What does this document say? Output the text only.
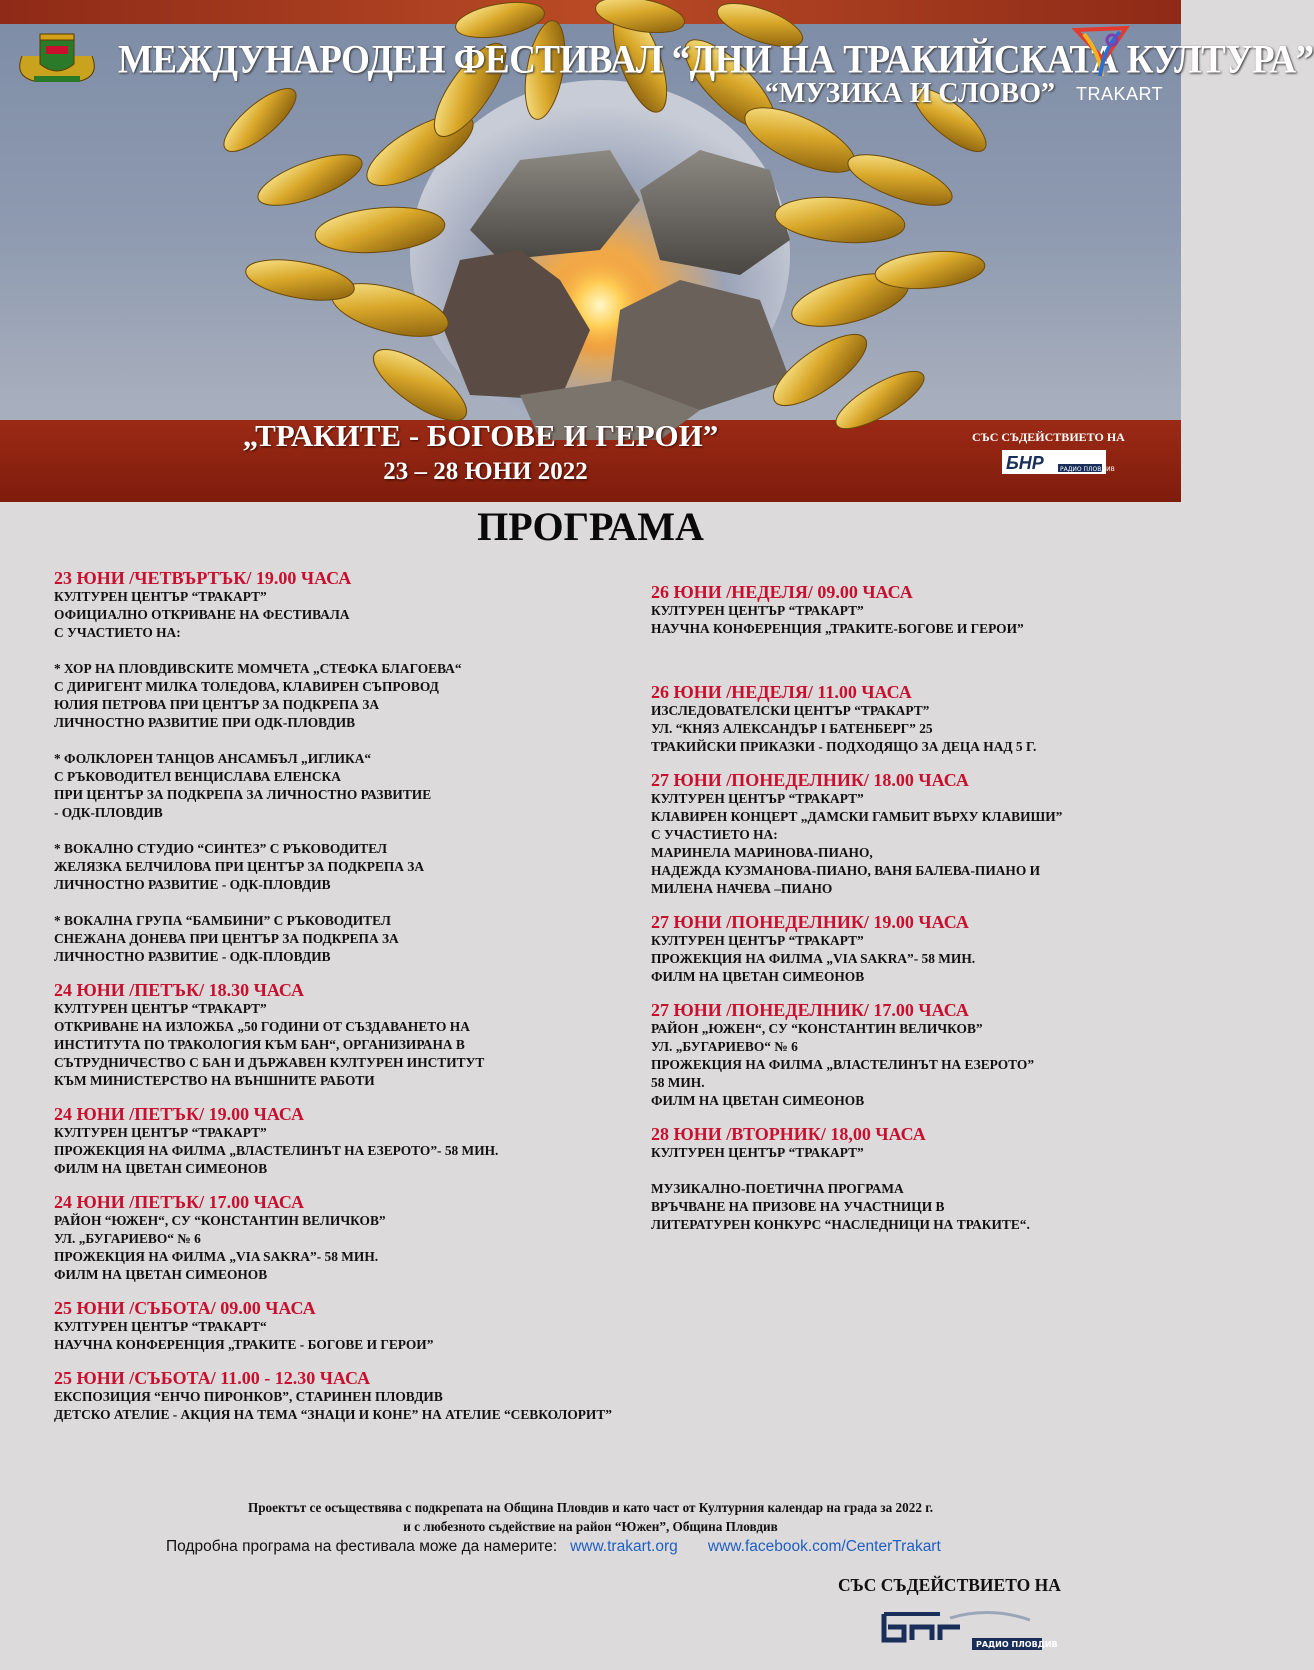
МЕЖДУНАРОДЕН ФЕСТИВАЛ “ДНИ НА ТРАКИЙСКАТА КУЛТУРА”
“МУЗИКА И СЛОВО” TRAKART
„ТРАКИТЕ - БОГОВЕ И ГЕРОИ”
23 – 28 ЮНИ 2022
СЪС СЪДЕЙСТВИЕТО НА
БНР	РАДИО ПЛОВДИВ
ПРОГРАМА
23 ЮНИ /ЧЕТВЪРТЪК/ 19.00 ЧАСА
КУЛТУРЕН ЦЕНТЪР “ТРАКАРТ”
ОФИЦИАЛНО ОТКРИВАНЕ НА ФЕСТИВАЛА
С УЧАСТИЕТО НА:
* ХОР НА ПЛОВДИВСКИТЕ МОМЧЕТА „СТЕФКА БЛАГОЕВА“
С ДИРИГЕНТ МИЛКА ТОЛЕДОВА, КЛАВИРЕН СЪПРОВОД
ЮЛИЯ ПЕТРОВА ПРИ ЦЕНТЪР ЗА ПОДКРЕПА ЗА
ЛИЧНОСТНО РАЗВИТИЕ ПРИ ОДК-ПЛОВДИВ
* ФОЛКЛОРЕН ТАНЦОВ АНСАМБЪЛ „ИГЛИКА“
С РЪКОВОДИТЕЛ ВЕНЦИСЛАВА ЕЛЕНСКА
ПРИ ЦЕНТЪР ЗА ПОДКРЕПА ЗА ЛИЧНОСТНО РАЗВИТИЕ
- ОДК-ПЛОВДИВ
* ВОКАЛНО СТУДИО “СИНТЕЗ” С РЪКОВОДИТЕЛ
ЖЕЛЯЗКА БЕЛЧИЛОВА ПРИ ЦЕНТЪР ЗА ПОДКРЕПА ЗА
ЛИЧНОСТНО РАЗВИТИЕ - ОДК-ПЛОВДИВ
* ВОКАЛНА ГРУПА “БАМБИНИ” С РЪКОВОДИТЕЛ
СНЕЖАНА ДОНЕВА ПРИ ЦЕНТЪР ЗА ПОДКРЕПА ЗА
ЛИЧНОСТНО РАЗВИТИЕ - ОДК-ПЛОВДИВ
24 ЮНИ /ПЕТЪК/ 18.30 ЧАСА
КУЛТУРЕН ЦЕНТЪР “ТРАКАРТ”
ОТКРИВАНЕ НА ИЗЛОЖБА „50 ГОДИНИ ОТ СЪЗДАВАНЕТО НА
ИНСТИТУТА ПО ТРАКОЛОГИЯ КЪМ БАН“, ОРГАНИЗИРАНА В
СЪТРУДНИЧЕСТВО С БАН И ДЪРЖАВЕН КУЛТУРЕН ИНСТИТУТ
КЪМ МИНИСТЕРСТВО НА ВЪНШНИТЕ РАБОТИ
24 ЮНИ /ПЕТЪК/ 19.00 ЧАСА
КУЛТУРЕН ЦЕНТЪР “ТРАКАРТ”
ПРОЖЕКЦИЯ НА ФИЛМА „ВЛАСТЕЛИНЪТ НА ЕЗЕРОТО”- 58 МИН.
ФИЛМ НА ЦВЕТАН СИМЕОНОВ
24 ЮНИ /ПЕТЪК/ 17.00 ЧАСА
РАЙОН “ЮЖЕН“, СУ “КОНСТАНТИН ВЕЛИЧКОВ”
УЛ. „БУГАРИЕВО“ № 6
ПРОЖЕКЦИЯ НА ФИЛМА „VIA SAKRA”- 58 МИН.
ФИЛМ НА ЦВЕТАН СИМЕОНОВ
25 ЮНИ /СЪБОТА/ 09.00 ЧАСА
КУЛТУРЕН ЦЕНТЪР “ТРАКАРТ“
НАУЧНА КОНФЕРЕНЦИЯ „ТРАКИТЕ - БОГОВЕ И ГЕРОИ”
25 ЮНИ /СЪБОТА/ 11.00 - 12.30 ЧАСА
ЕКСПОЗИЦИЯ “ЕНЧО ПИРОНКОВ”, СТАРИНЕН ПЛОВДИВ
ДЕТСКО АТЕЛИЕ - АКЦИЯ НА ТЕМА “ЗНАЦИ И КОНЕ” НА АТЕЛИЕ “СЕВКОЛОРИТ”
26 ЮНИ /НЕДЕЛЯ/ 09.00 ЧАСА
КУЛТУРЕН ЦЕНТЪР “ТРАКАРТ”
НАУЧНА КОНФЕРЕНЦИЯ „ТРАКИТЕ-БОГОВЕ И ГЕРОИ”
26 ЮНИ /НЕДЕЛЯ/ 11.00 ЧАСА
ИЗСЛЕДОВАТЕЛСКИ ЦЕНТЪР “ТРАКАРТ”
УЛ. “КНЯЗ АЛЕКСАНДЪР I БАТЕНБЕРГ” 25
ТРАКИЙСКИ ПРИКАЗКИ - ПОДХОДЯЩО ЗА ДЕЦА НАД 5 Г.
27 ЮНИ /ПОНЕДЕЛНИК/ 18.00 ЧАСА
КУЛТУРЕН ЦЕНТЪР “ТРАКАРТ”
КЛАВИРЕН КОНЦЕРТ „ДАМСКИ ГАМБИТ ВЪРХУ КЛАВИШИ”
С УЧАСТИЕТО НА:
МАРИНЕЛА МАРИНОВА-ПИАНО,
НАДЕЖДА КУЗМАНОВА-ПИАНО, ВАНЯ БАЛЕВА-ПИАНО И
МИЛЕНА НАЧЕВА –ПИАНО
27 ЮНИ /ПОНЕДЕЛНИК/ 19.00 ЧАСА
КУЛТУРЕН ЦЕНТЪР “ТРАКАРТ”
ПРОЖЕКЦИЯ НА ФИЛМА „VIA SAKRA”- 58 МИН.
ФИЛМ НА ЦВЕТАН СИМЕОНОВ
27 ЮНИ /ПОНЕДЕЛНИК/ 17.00 ЧАСА
РАЙОН „ЮЖЕН“, СУ “КОНСТАНТИН ВЕЛИЧКОВ”
УЛ. „БУГАРИЕВО“ № 6
ПРОЖЕКЦИЯ НА ФИЛМА „ВЛАСТЕЛИНЪТ НА ЕЗЕРОТО”
58 МИН.
ФИЛМ НА ЦВЕТАН СИМЕОНОВ
28 ЮНИ /ВТОРНИК/ 18,00 ЧАСА
КУЛТУРЕН ЦЕНТЪР “ТРАКАРТ”
МУЗИКАЛНО-ПОЕТИЧНА ПРОГРАМА
ВРЪЧВАНЕ НА ПРИЗОВЕ НА УЧАСТНИЦИ В
ЛИТЕРАТУРЕН КОНКУРС “НАСЛЕДНИЦИ НА ТРАКИТЕ“.
Проектът се осъществява с подкрепата на Община Пловдив и като част от Културния календар на града за 2022 г.
и с любезното съдействие на район “Южен”, Община Пловдив
Подробна програма на фестивала може да намерите: www.trakart.org www.facebook.com/CenterTrakart
СЪС СЪДЕЙСТВИЕТО НА
РАДИО ПЛОВДИВ
